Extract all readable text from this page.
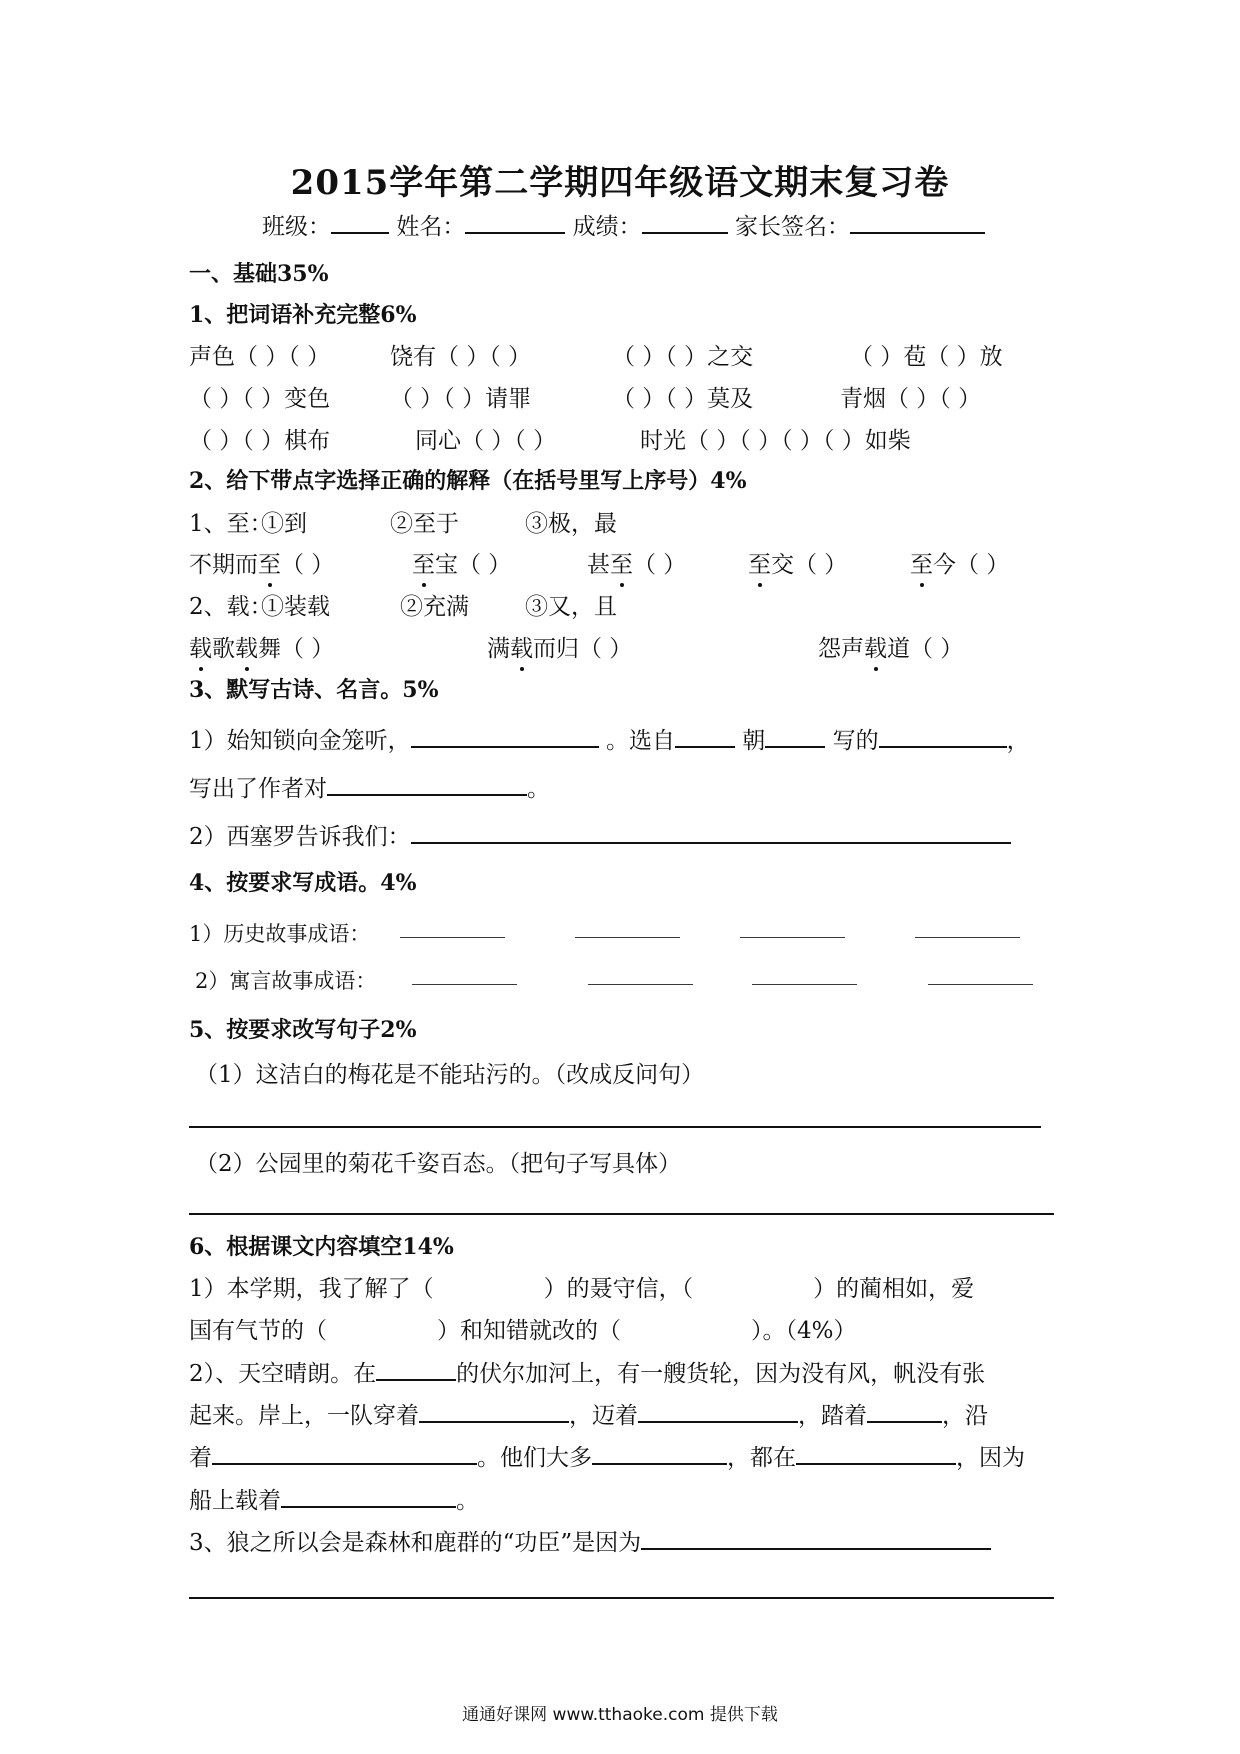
2015学年第二学期四年级语文期末复习卷
班级：	姓名：	成绩：	家长签名：
一、基础35%
1、把词语补充完整6%
声色（ ）（ ）	饶有（ ）（ ）	（ ）（ ）之交	（ ）苞（ ）放
（ ）（ ）变色	（ ）（ ）请罪	（ ）（ ）莫及	青烟（ ）（ ）
（ ）（ ）棋布	同心（ ）（ ）	时光（ ）（ ）（ ）（ ）如柴
2、给下带点字选择正确的解释（在括号里写上序号）4%
1、至：
①到	②至于	③极，最
不期而至（ ）	至宝（ ）	甚至（ ）	至交（ ）	至今（ ）
2、载：
①装载	②充满 ③又，且
载歌载舞（ ）	满载而归（ ）	怨声载道（ ）
3、默写古诗、名言。5%
1）始知锁向金笼听，	。选自	朝	写的	，
写出了作者对	。
2）西塞罗告诉我们：
4、按要求写成语。4%
1）历史故事成语： __________	__________	__________	__________
2）寓言故事成语： __________	__________	__________	__________
5、按要求改写句子2%
（1）这洁白的梅花是不能玷污的。（改成反问句）
（2）公园里的菊花千姿百态。（把句子写具体）
6、根据课文内容填空14%
1）本学期，我了解了（	）的聂守信，（	）的蔺相如，爱
国有气节的（	）和知错就改的（	）。（4%）
2）、天空晴朗。在	的伏尔加河上，有一艘货轮，因为没有风，帆没有张
起来。岸上，一队穿着	，迈着	，踏着	，沿
着	。他们大多	，都在	，因为
船上载着	。
3、狼之所以会是森林和鹿群的“功臣”是因为
通通好课网 www.tthaoke.com 提供下载
